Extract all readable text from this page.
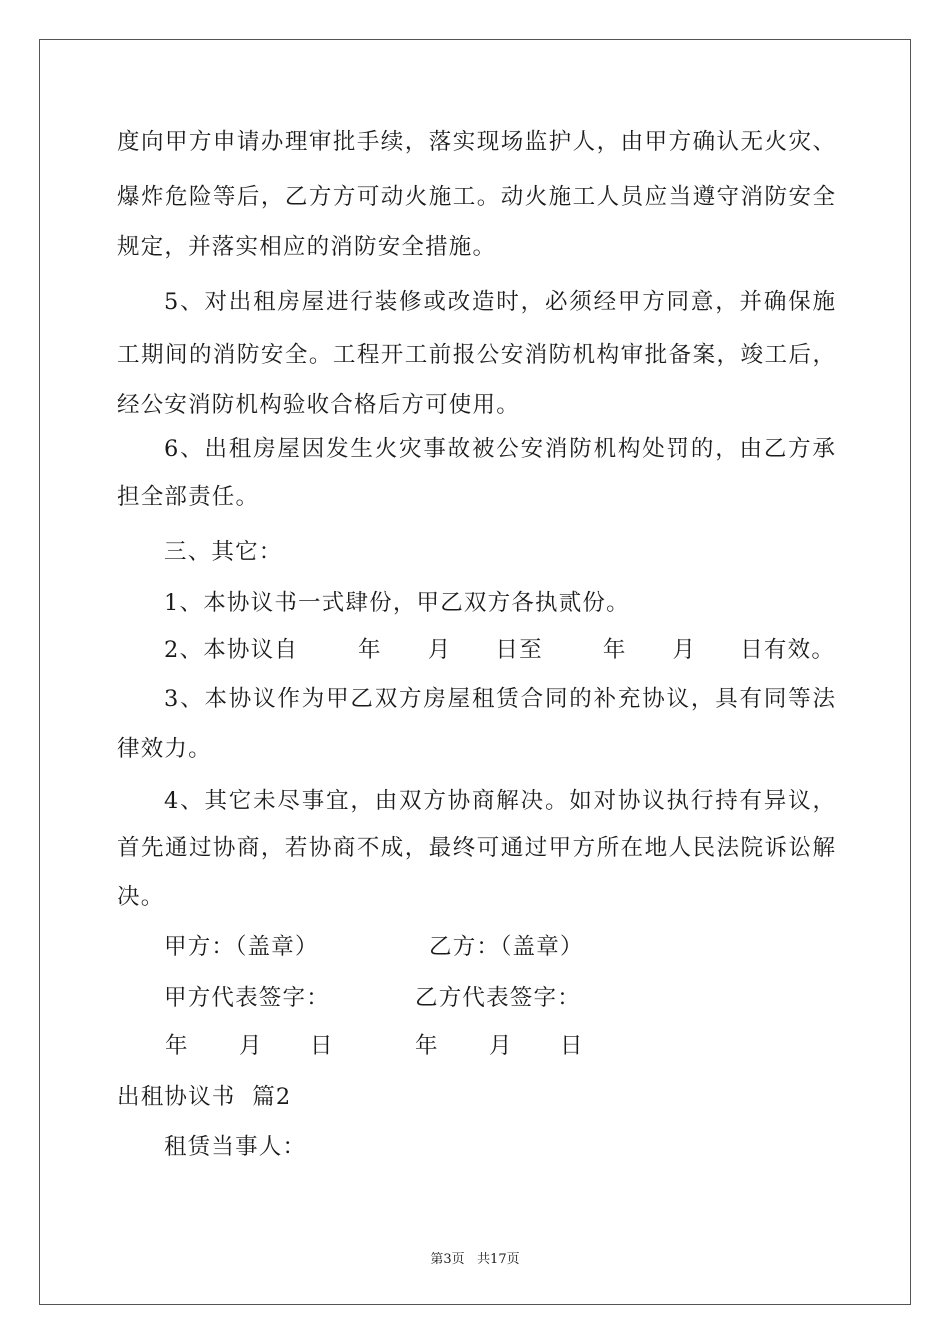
度向甲方申请办理审批手续，落实现场监护人，由甲方确认无火灾、
爆炸危险等后，乙方方可动火施工。动火施工人员应当遵守消防安全
规定，并落实相应的消防安全措施。
5、对出租房屋进行装修或改造时，必须经甲方同意，并确保施
工期间的消防安全。工程开工前报公安消防机构审批备案，竣工后，
经公安消防机构验收合格后方可使用。
6、出租房屋因发生火灾事故被公安消防机构处罚的，由乙方承
担全部责任。
三、其它：
1、本协议书一式肆份，甲乙双方各执贰份。
2、本协议自	年 月 日至	年 月 日有效。
3、本协议作为甲乙双方房屋租赁合同的补充协议，具有同等法
律效力。
4、其它未尽事宜，由双方协商解决。如对协议执行持有异议，
首先通过协商，若协商不成，最终可通过甲方所在地人民法院诉讼解
决。
甲方：（盖章）	乙方：（盖章）
甲方代表签字：	乙方代表签字：
年 月 日	年 月 日
出租协议书  篇2
租赁当事人：
第3页   共17页
